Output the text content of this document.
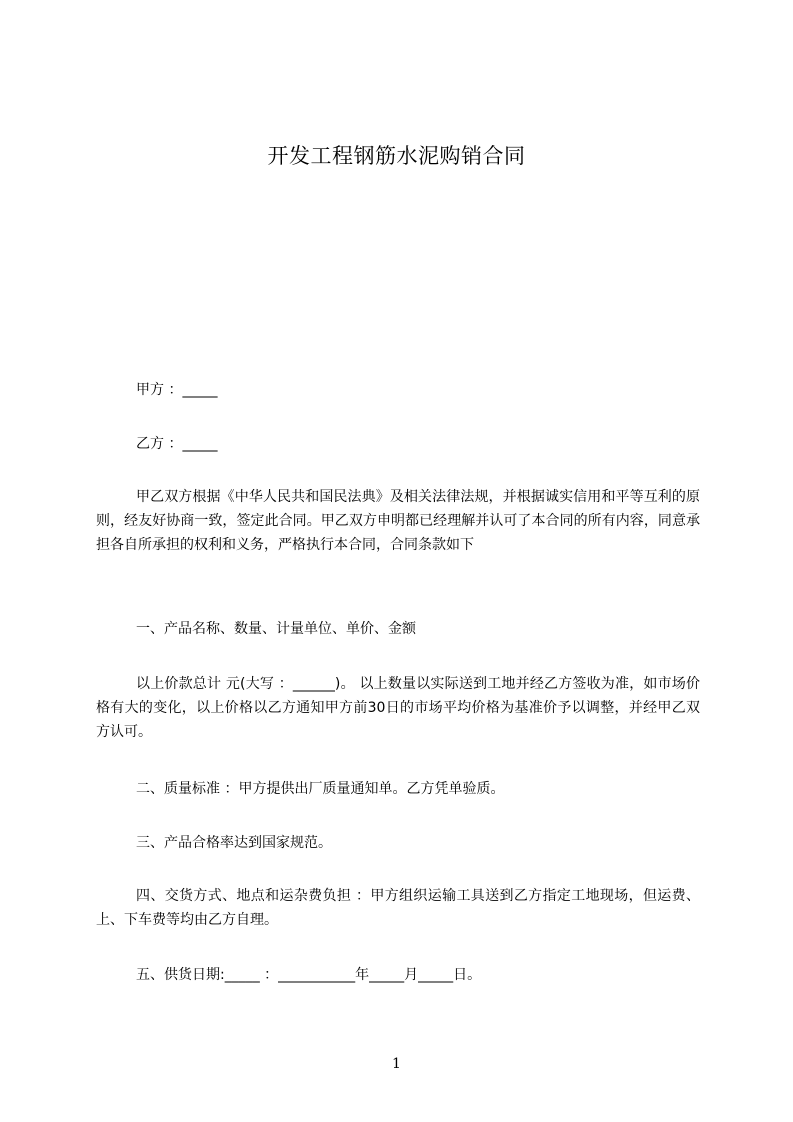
开发工程钢筋水泥购销合同
甲方 ：_____
乙方 ：_____
甲乙双方根据《中华人民共和国民法典》及相关法律法规，并根据诚实信用和平等互利的原则，经友好协商一致，签定此合同。甲乙双方申明都已经理解并认可了本合同的所有内容，同意承担各自所承担的权利和义务，严格执行本合同，合同条款如下
一、产品名称、数量、计量单位、单价、金额
以上价款总计 元(大写 ：______)。 以上数量以实际送到工地并经乙方签收为准，如市场价格有大的变化，以上价格以乙方通知甲方前30日的市场平均价格为基准价予以调整，并经甲乙双方认可。
二、质量标准 ：甲方提供出厂质量通知单。乙方凭单验质。
三、产品合格率达到国家规范。
四、交货方式、地点和运杂费负担 ：甲方组织运输工具送到乙方指定工地现场，但运费、上、下车费等均由乙方自理。
五、供货日期:_____ ：___________年_____月_____日。
1
